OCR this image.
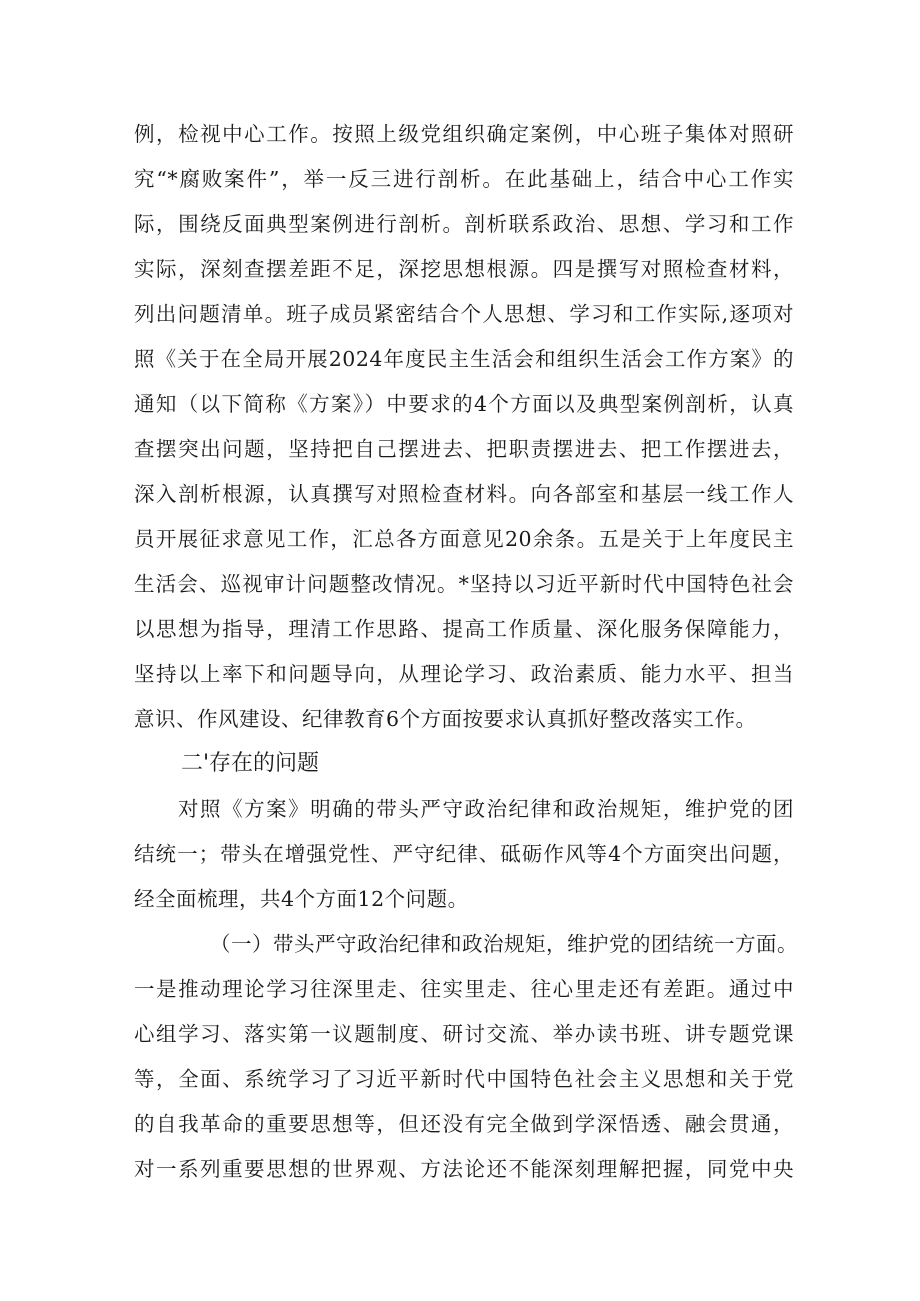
例，检视中心工作。按照上级党组织确定案例，中心班子集体对照研
究“*腐败案件”，举一反三进行剖析。在此基础上，结合中心工作实
际，围绕反面典型案例进行剖析。剖析联系政治、思想、学习和工作
实际，深刻查摆差距不足，深挖思想根源。四是撰写对照检查材料，
列出问题清单。班子成员紧密结合个人思想、学习和工作实际,逐项对
照《关于在全局开展2024年度民主生活会和组织生活会工作方案》的
通知（以下简称《方案》）中要求的4个方面以及典型案例剖析，认真
查摆突出问题，坚持把自己摆进去、把职责摆进去、把工作摆进去，
深入剖析根源，认真撰写对照检查材料。向各部室和基层一线工作人
员开展征求意见工作，汇总各方面意见20余条。五是关于上年度民主
生活会、巡视审计问题整改情况。*坚持以习近平新时代中国特色社会
以思想为指导，理清工作思路、提高工作质量、深化服务保障能力，
坚持以上率下和问题导向，从理论学习、政治素质、能力水平、担当
意识、作风建设、纪律教育6个方面按要求认真抓好整改落实工作。
二'存在的问题
对照《方案》明确的带头严守政治纪律和政治规矩，维护党的团
结统一；带头在增强党性、严守纪律、砥砺作风等4个方面突出问题，
经全面梳理，共4个方面12个问题。
（一）带头严守政治纪律和政治规矩，维护党的团结统一方面。
一是推动理论学习往深里走、往实里走、往心里走还有差距。通过中
心组学习、落实第一议题制度、研讨交流、举办读书班、讲专题党课
等，全面、系统学习了习近平新时代中国特色社会主义思想和关于党
的自我革命的重要思想等，但还没有完全做到学深悟透、融会贯通，
对一系列重要思想的世界观、方法论还不能深刻理解把握，同党中央
